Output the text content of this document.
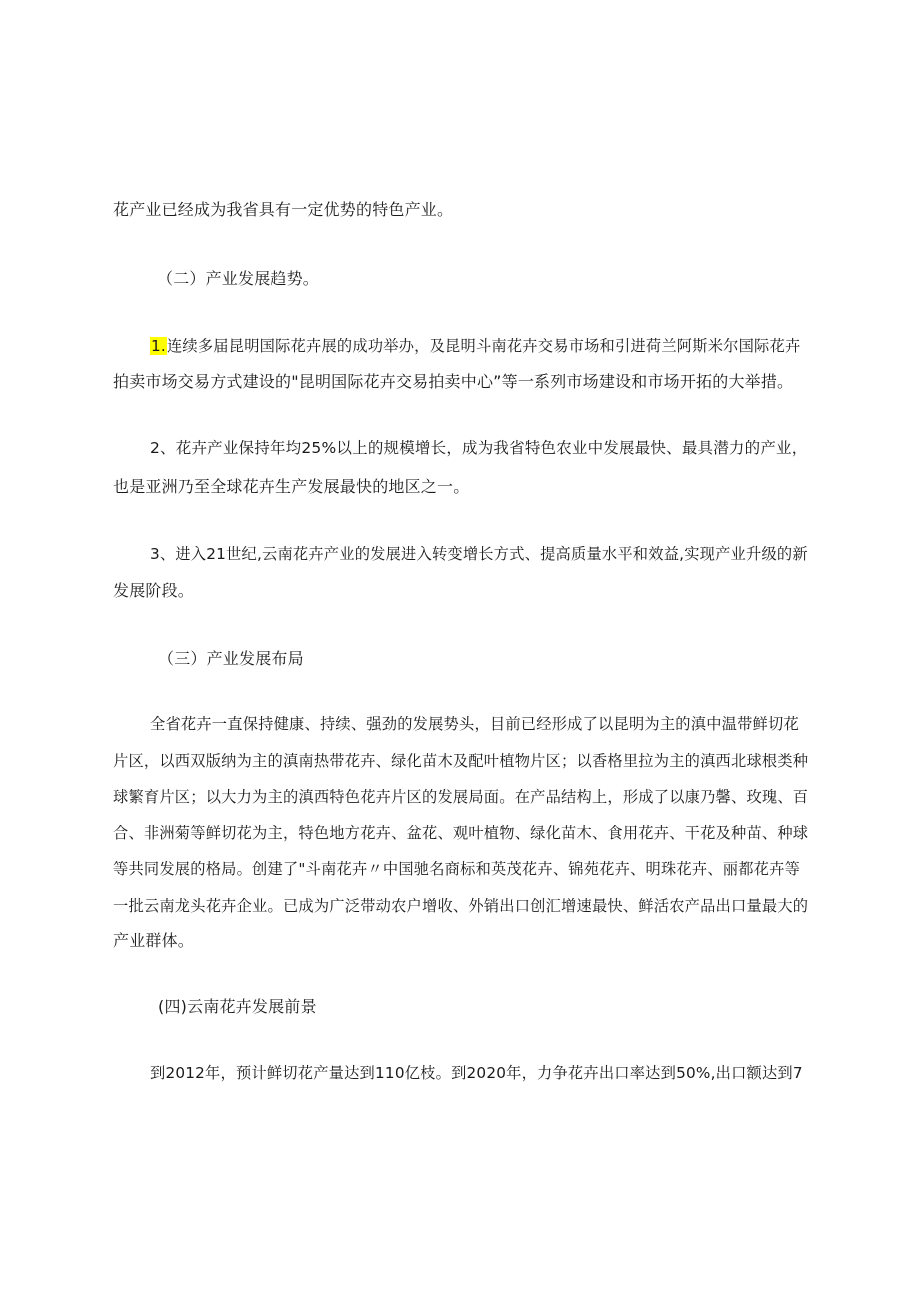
花产业已经成为我省具有一定优势的特色产业。
（二）产业发展趋势。
1.连续多届昆明国际花卉展的成功举办，及昆明斗南花卉交易市场和引进荷兰阿斯米尔国际花卉
拍卖市场交易方式建设的"昆明国际花卉交易拍卖中心”等一系列市场建设和市场开拓的大举措。
2、花卉产业保持年均25%以上的规模增长，成为我省特色农业中发展最快、最具潜力的产业，
也是亚洲乃至全球花卉生产发展最快的地区之一。
3、进入21世纪,云南花卉产业的发展进入转变增长方式、提高质量水平和效益,实现产业升级的新
发展阶段。
（三）产业发展布局
全省花卉一直保持健康、持续、强劲的发展势头，目前已经形成了以昆明为主的滇中温带鲜切花
片区，以西双版纳为主的滇南热带花卉、绿化苗木及配叶植物片区；以香格里拉为主的滇西北球根类种
球繁育片区；以大力为主的滇西特色花卉片区的发展局面。在产品结构上，形成了以康乃馨、玫瑰、百
合、非洲菊等鲜切花为主，特色地方花卉、盆花、观叶植物、绿化苗木、食用花卉、干花及种苗、种球
等共同发展的格局。创建了"斗南花卉〃中国驰名商标和英茂花卉、锦苑花卉、明珠花卉、丽都花卉等
一批云南龙头花卉企业。已成为广泛带动农户增收、外销出口创汇增速最快、鲜活农产品出口量最大的
产业群体。
(四)云南花卉发展前景
到2012年，预计鲜切花产量达到110亿枝。到2020年，力争花卉出口率达到50%,出口额达到7
